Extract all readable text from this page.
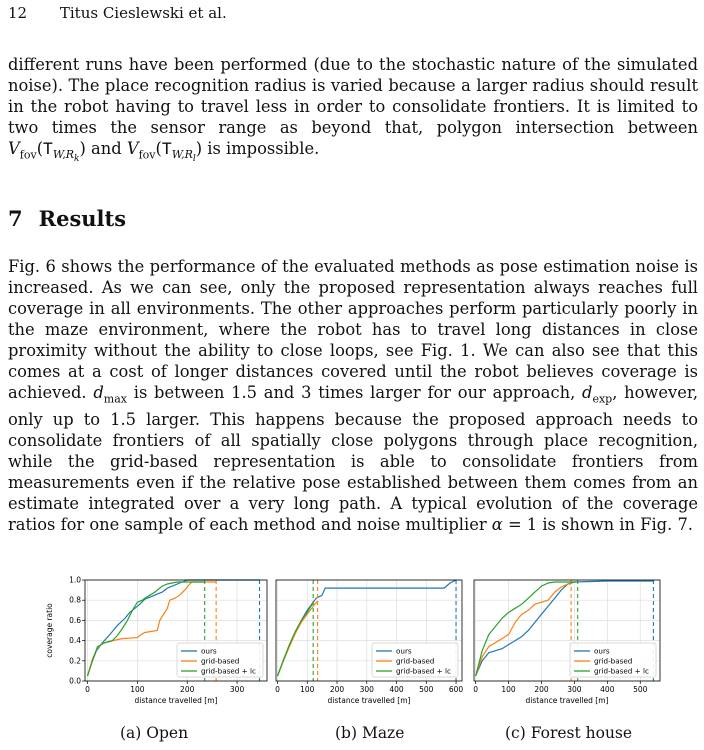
12 Titus Cieslewski et al.

different runs have been performed (due to the stochastic nature of the simulated noise). The place recognition radius is varied because a larger radius should result in the robot having to travel less in order to consolidate frontiers. It is limited to two times the sensor range as beyond that, polygon intersection between $V_{fov}(T_{W,R_k})$ and $V_{fov}(T_{W,R_l})$ is impossible.

7 Results

Fig. 6 shows the performance of the evaluated methods as pose estimation noise is increased. As we can see, only the proposed representation always reaches full coverage in all environments. The other approaches perform particularly poorly in the maze environment, where the robot has to travel long distances in close proximity without the ability to close loops, see Fig. 1. We can also see that this comes at a cost of longer distances covered until the robot believes coverage is achieved. $d_{max}$ is between 1.5 and 3 times larger for our approach, $d_{exp}$, however, only up to 1.5 larger. This happens because the proposed approach needs to consolidate frontiers of all spatially close polygons through place recognition, while the grid-based representation is able to consolidate frontiers from measurements even if the relative pose established between them comes from an estimate integrated over a very long path. A typical evolution of the coverage ratios for one sample of each method and noise multiplier α = 1 is shown in Fig. 7.

0	100	200	300
0.0
0.2
0.4
0.6
0.8
1.0
coverage ratio
distance travelled [m]
ours
grid-based
grid-based + lc
0	100 200 300 400 500 600
distance travelled [m]
ours
grid-based
grid-based + lc
0	100 200 300 400 500
distance travelled [m]
ours
grid-based
grid-based + lc
(a) Open	(b) Maze	(c) Forest house
